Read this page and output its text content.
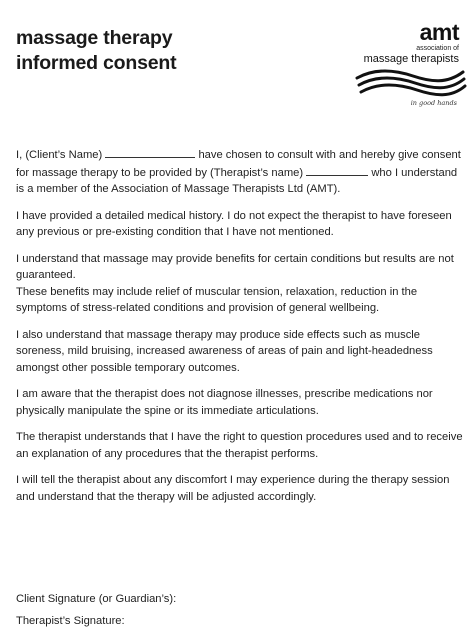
massage therapy
informed consent
amt
association of
massage therapists
in good hands

I, (Client’s Name)	have chosen to consult with and hereby give consent for massage therapy to be provided by (Therapist’s name)	who I understand is a member of the Association of Massage Therapists Ltd (AMT).

I have provided a detailed medical history. I do not expect the therapist to have foreseen any previous or pre-existing condition that I have not mentioned.

I understand that massage may provide benefits for certain conditions but results are not guaranteed.
These benefits may include relief of muscular tension, relaxation, reduction in the symptoms of stress-related conditions and provision of general wellbeing.

I also understand that massage therapy may produce side effects such as muscle soreness, mild bruising, increased awareness of areas of pain and light-headedness amongst other possible temporary outcomes.

I am aware that the therapist does not diagnose illnesses, prescribe medications nor physically manipulate the spine or its immediate articulations.

The therapist understands that I have the right to question procedures used and to receive an explanation of any procedures that the therapist performs.

I will tell the therapist about any discomfort I may experience during the therapy session and understand that the therapy will be adjusted accordingly.

Client Signature (or Guardian’s):
Therapist’s Signature:
